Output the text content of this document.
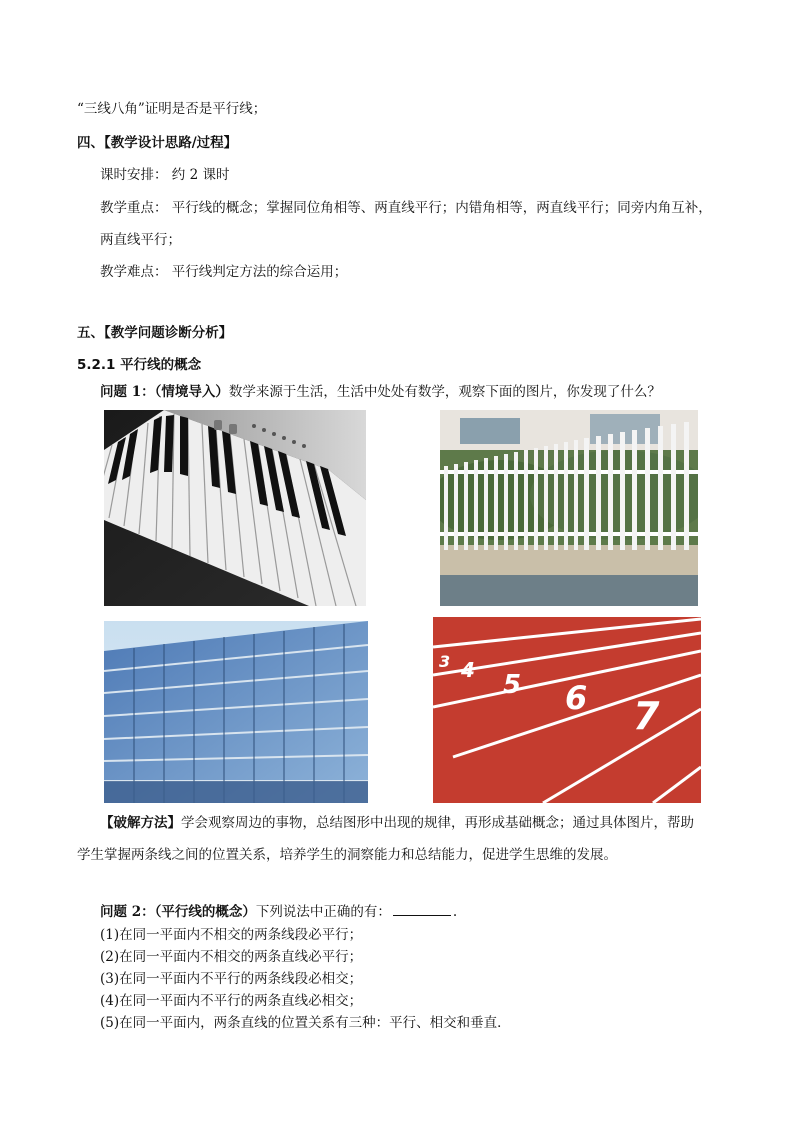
“三线八角”证明是否是平行线；
四、【教学设计思路/过程】
课时安排： 约 2 课时
教学重点： 平行线的概念；掌握同位角相等、两直线平行；内错角相等，两直线平行；同旁内角互补，
两直线平行；
教学难点： 平行线判定方法的综合运用；
五、【教学问题诊断分析】
5.2.1 平行线的概念
问题 1：（情境导入）数学来源于生活，生活中处处有数学，观察下面的图片，你发现了什么？
3 4 5 6 7
【破解方法】学会观察周边的事物，总结图形中出现的规律，再形成基础概念；通过具体图片，帮助
学生掌握两条线之间的位置关系，培养学生的洞察能力和总结能力，促进学生思维的发展。
问题 2：（平行线的概念）下列说法中正确的有：	.
(1)在同一平面内不相交的两条线段必平行；
(2)在同一平面内不相交的两条直线必平行；
(3)在同一平面内不平行的两条线段必相交；
(4)在同一平面内不平行的两条直线必相交；
(5)在同一平面内，两条直线的位置关系有三种：平行、相交和垂直．
